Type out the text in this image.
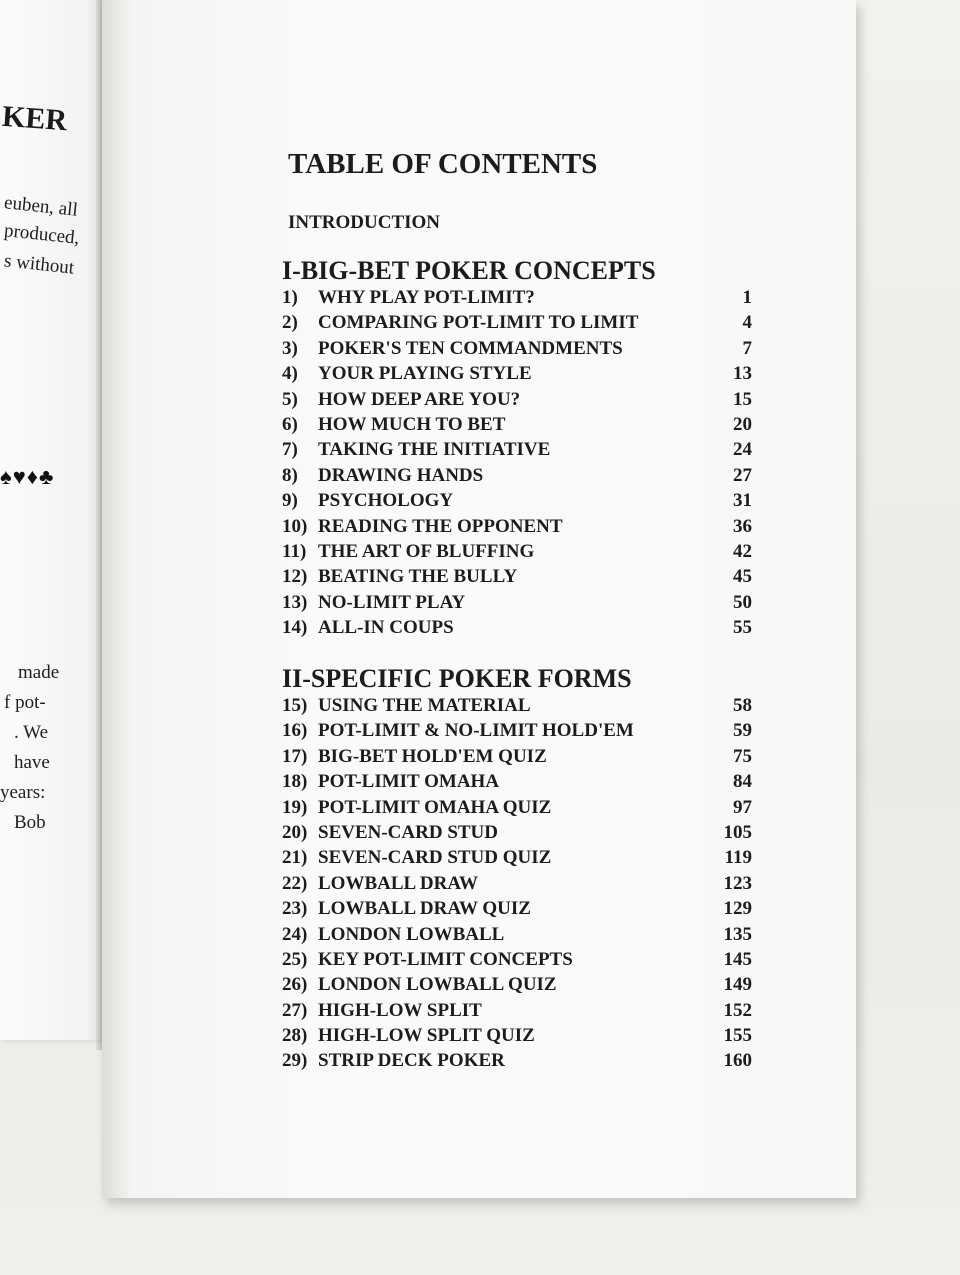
KER
euben, all
produced,
s without
♠♥♦♣
made
f pot-
. We
have
years:
Bob
TABLE OF CONTENTS
INTRODUCTION
I-BIG-BET POKER CONCEPTS
1) WHY PLAY POT-LIMIT?	1
2) COMPARING POT-LIMIT TO LIMIT	4
3) POKER'S TEN COMMANDMENTS	7
4) YOUR PLAYING STYLE	13
5) HOW DEEP ARE YOU?	15
6) HOW MUCH TO BET	20
7) TAKING THE INITIATIVE	24
8) DRAWING HANDS	27
9) PSYCHOLOGY	31
10) READING THE OPPONENT	36
11) THE ART OF BLUFFING	42
12) BEATING THE BULLY	45
13) NO-LIMIT PLAY	50
14) ALL-IN COUPS	55
II-SPECIFIC POKER FORMS
15) USING THE MATERIAL	58
16) POT-LIMIT & NO-LIMIT HOLD'EM	59
17) BIG-BET HOLD'EM QUIZ	75
18) POT-LIMIT OMAHA	84
19) POT-LIMIT OMAHA QUIZ	97
20) SEVEN-CARD STUD	105
21) SEVEN-CARD STUD QUIZ	119
22) LOWBALL DRAW	123
23) LOWBALL DRAW QUIZ	129
24) LONDON LOWBALL	135
25) KEY POT-LIMIT CONCEPTS	145
26) LONDON LOWBALL QUIZ	149
27) HIGH-LOW SPLIT	152
28) HIGH-LOW SPLIT QUIZ	155
29) STRIP DECK POKER	160
